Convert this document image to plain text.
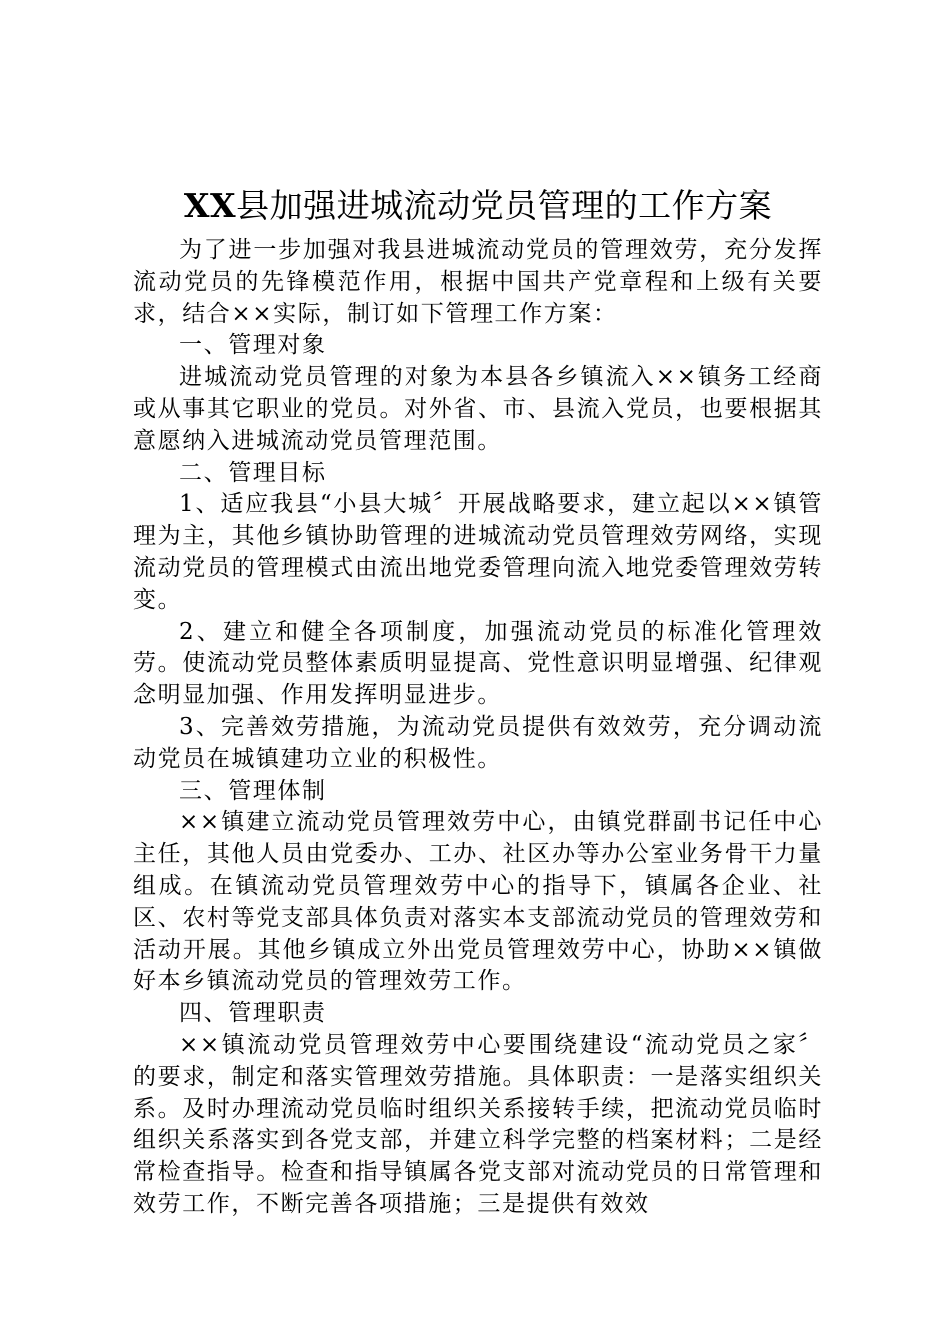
XX县加强进城流动党员管理的工作方案

为了进一步加强对我县进城流动党员的管理效劳，充分发挥流动党员的先锋模范作用，根据中国共产党章程和上级有关要求，结合××实际，制订如下管理工作方案：

一、管理对象

进城流动党员管理的对象为本县各乡镇流入××镇务工经商或从事其它职业的党员。对外省、市、县流入党员，也要根据其意愿纳入进城流动党员管理范围。

二、管理目标

1、适应我县“小县大城〞开展战略要求，建立起以××镇管理为主，其他乡镇协助管理的进城流动党员管理效劳网络，实现流动党员的管理模式由流出地党委管理向流入地党委管理效劳转变。

2、建立和健全各项制度，加强流动党员的标准化管理效劳。使流动党员整体素质明显提高、党性意识明显增强、纪律观念明显加强、作用发挥明显进步。

3、完善效劳措施，为流动党员提供有效效劳，充分调动流动党员在城镇建功立业的积极性。

三、管理体制

××镇建立流动党员管理效劳中心，由镇党群副书记任中心主任，其他人员由党委办、工办、社区办等办公室业务骨干力量组成。在镇流动党员管理效劳中心的指导下，镇属各企业、社区、农村等党支部具体负责对落实本支部流动党员的管理效劳和活动开展。其他乡镇成立外出党员管理效劳中心，协助××镇做好本乡镇流动党员的管理效劳工作。

四、管理职责

××镇流动党员管理效劳中心要围绕建设“流动党员之家〞的要求，制定和落实管理效劳措施。具体职责：一是落实组织关系。及时办理流动党员临时组织关系接转手续，把流动党员临时组织关系落实到各党支部，并建立科学完整的档案材料；二是经常检查指导。检查和指导镇属各党支部对流动党员的日常管理和效劳工作，不断完善各项措施；三是提供有效效
